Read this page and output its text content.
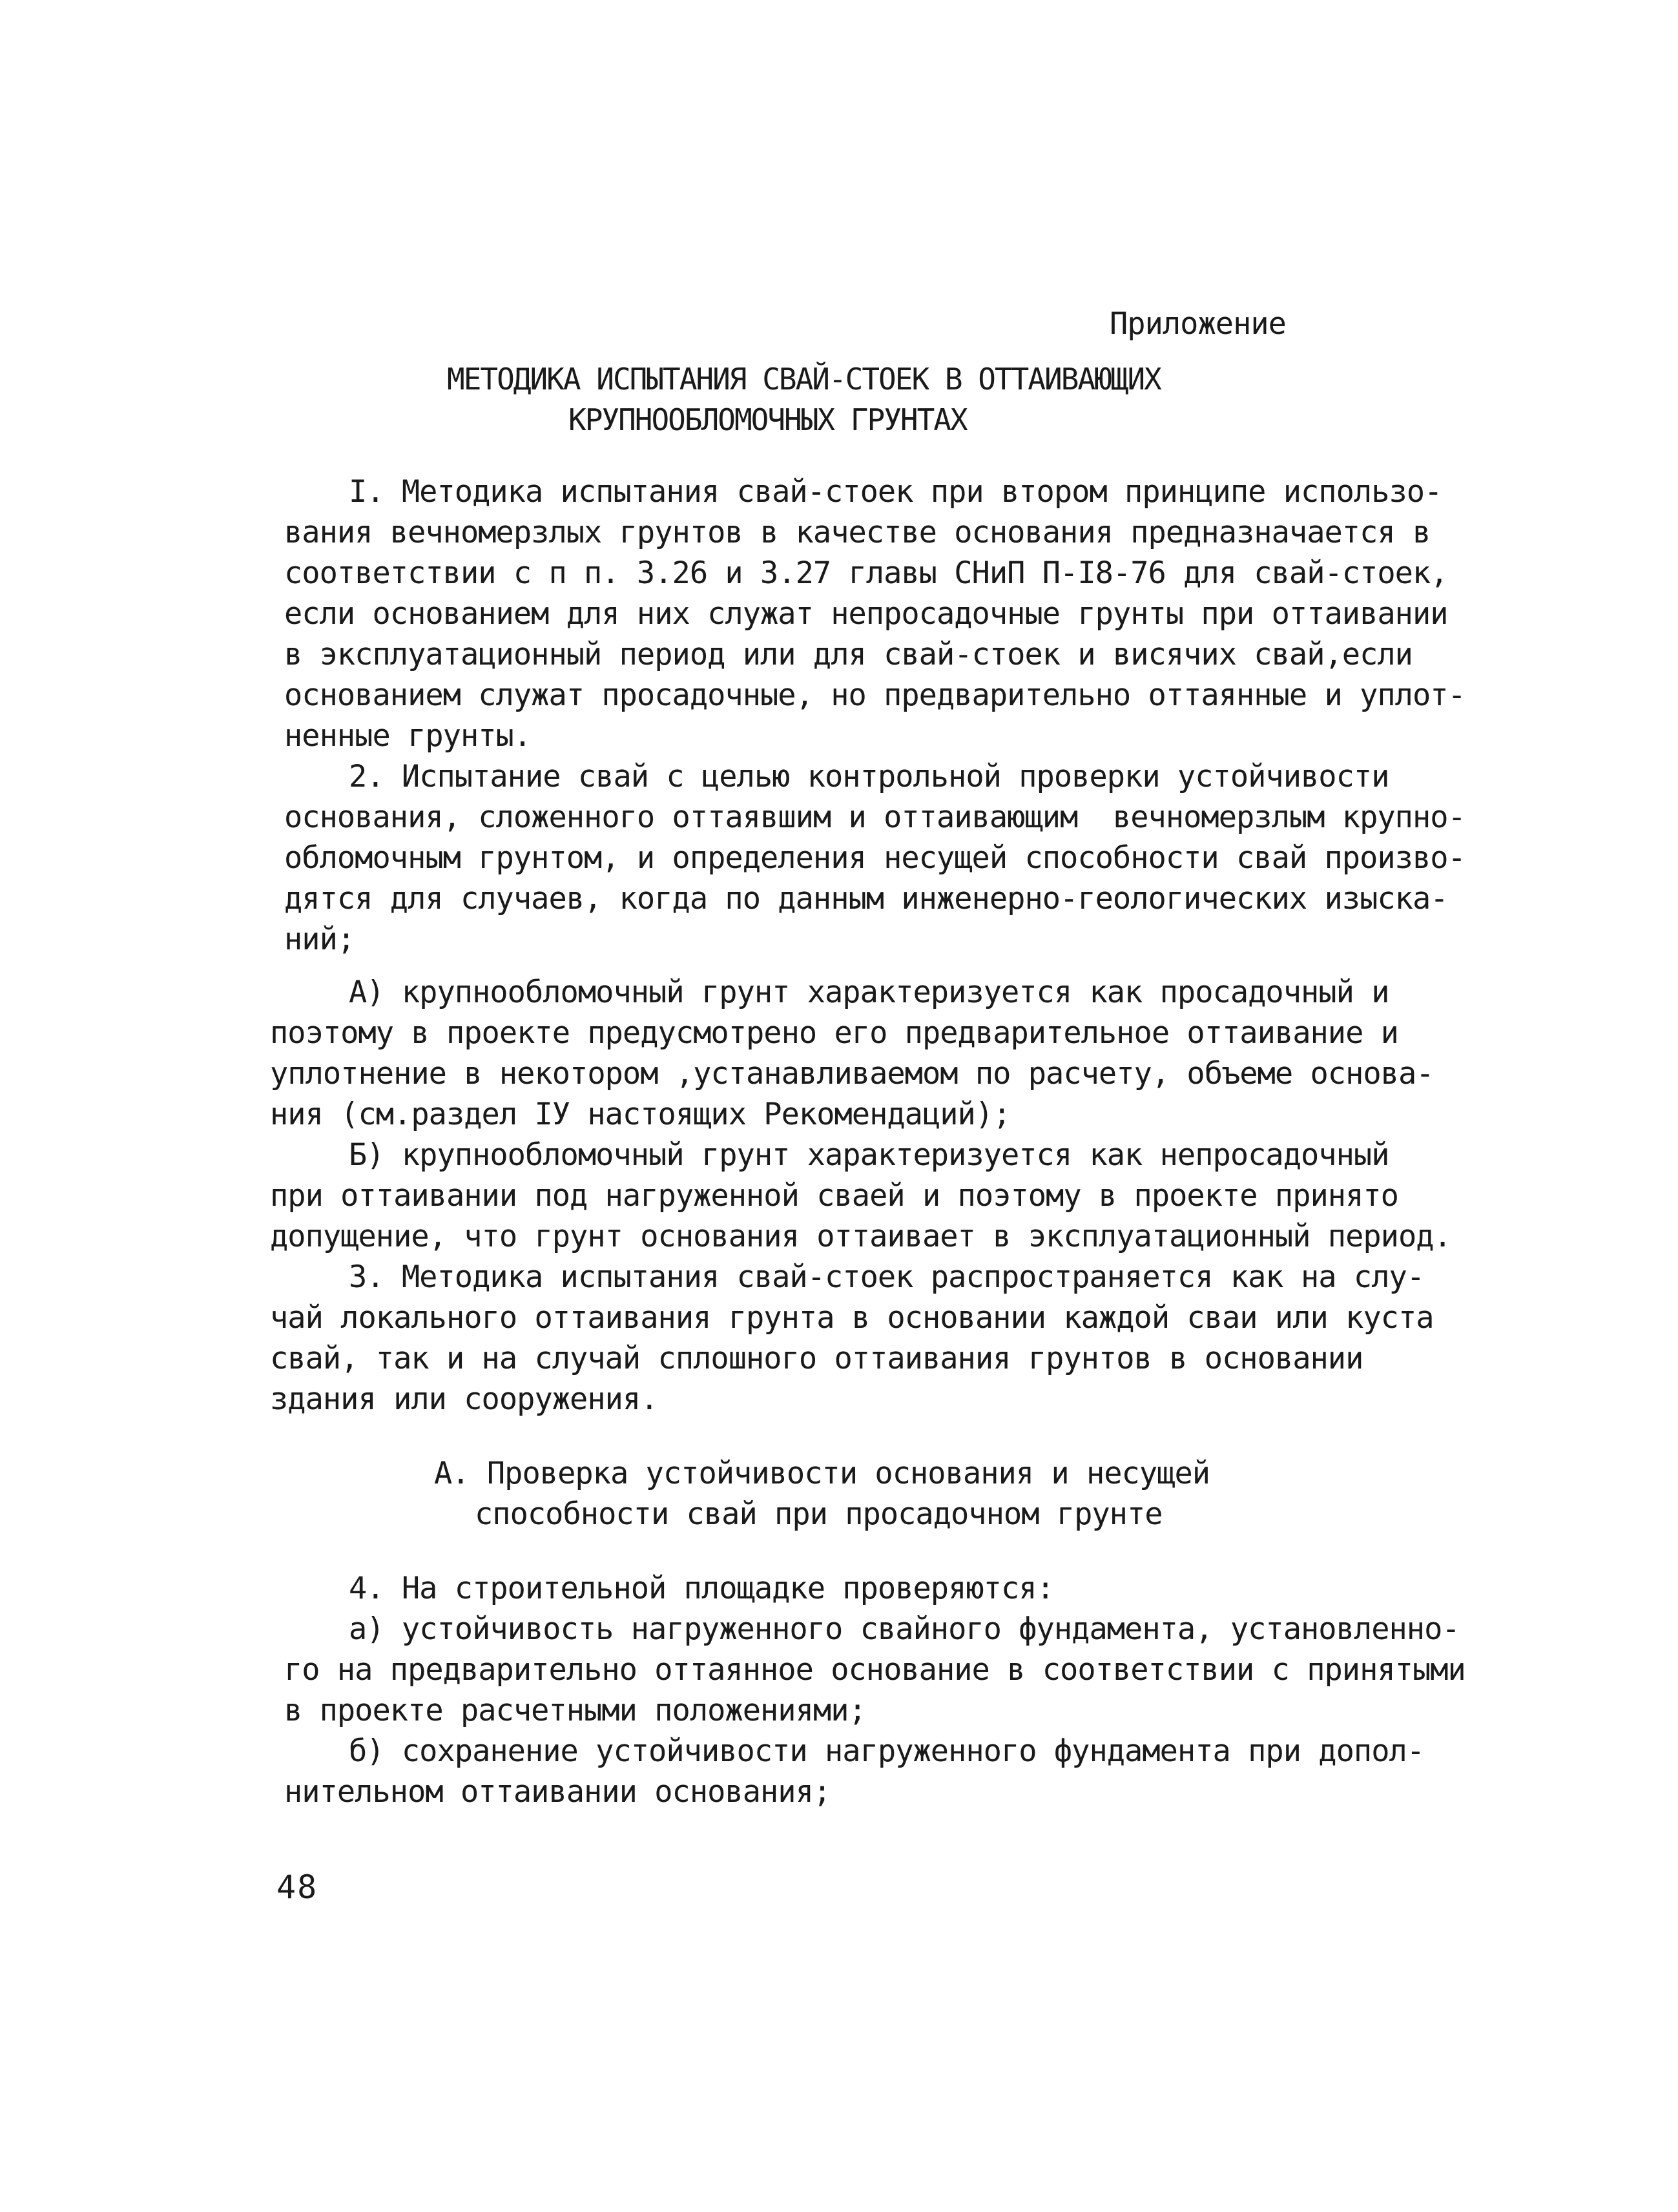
Приложение
МЕТОДИКА ИСПЫТАНИЯ СВАЙ-СТОЕК В ОТТАИВАЮЩИХ
КРУПНООБЛОМОЧНЫХ ГРУНТАХ
I. Методика испытания свай-стоек при втором принципе использо-
вания вечномерзлых грунтов в качестве основания предназначается в
соответствии с п п. 3.26 и 3.27 главы СНиП П-I8-76 для свай-стоек,
если основанием для них служат непросадочные грунты при оттаивании
в эксплуатационный период или для свай-стоек и висячих свай,если
основанием служат просадочные, но предварительно оттаянные и уплот-
ненные грунты.
2. Испытание свай с целью контрольной проверки устойчивости
основания, сложенного оттаявшим и оттаивающим  вечномерзлым крупно-
обломочным грунтом, и определения несущей способности свай произво-
дятся для случаев, когда по данным инженерно-геологических изыска-
ний;
А) крупнообломочный грунт характеризуется как просадочный и
поэтому в проекте предусмотрено его предварительное оттаивание и
уплотнение в некотором ,устанавливаемом по расчету, объеме основа-
ния (см.раздел IУ настоящих Рекомендаций);
Б) крупнообломочный грунт характеризуется как непросадочный
при оттаивании под нагруженной сваей и поэтому в проекте принято
допущение, что грунт основания оттаивает в эксплуатационный период.
3. Методика испытания свай-стоек распространяется как на слу-
чай локального оттаивания грунта в основании каждой сваи или куста
свай, так и на случай сплошного оттаивания грунтов в основании
здания или сооружения.
А. Проверка устойчивости основания и несущей
способности свай при просадочном грунте
4. На строительной площадке проверяются:
а) устойчивость нагруженного свайного фундамента, установленно-
го на предварительно оттаянное основание в соответствии с принятыми
в проекте расчетными положениями;
б) сохранение устойчивости нагруженного фундамента при допол-
нительном оттаивании основания;
48
